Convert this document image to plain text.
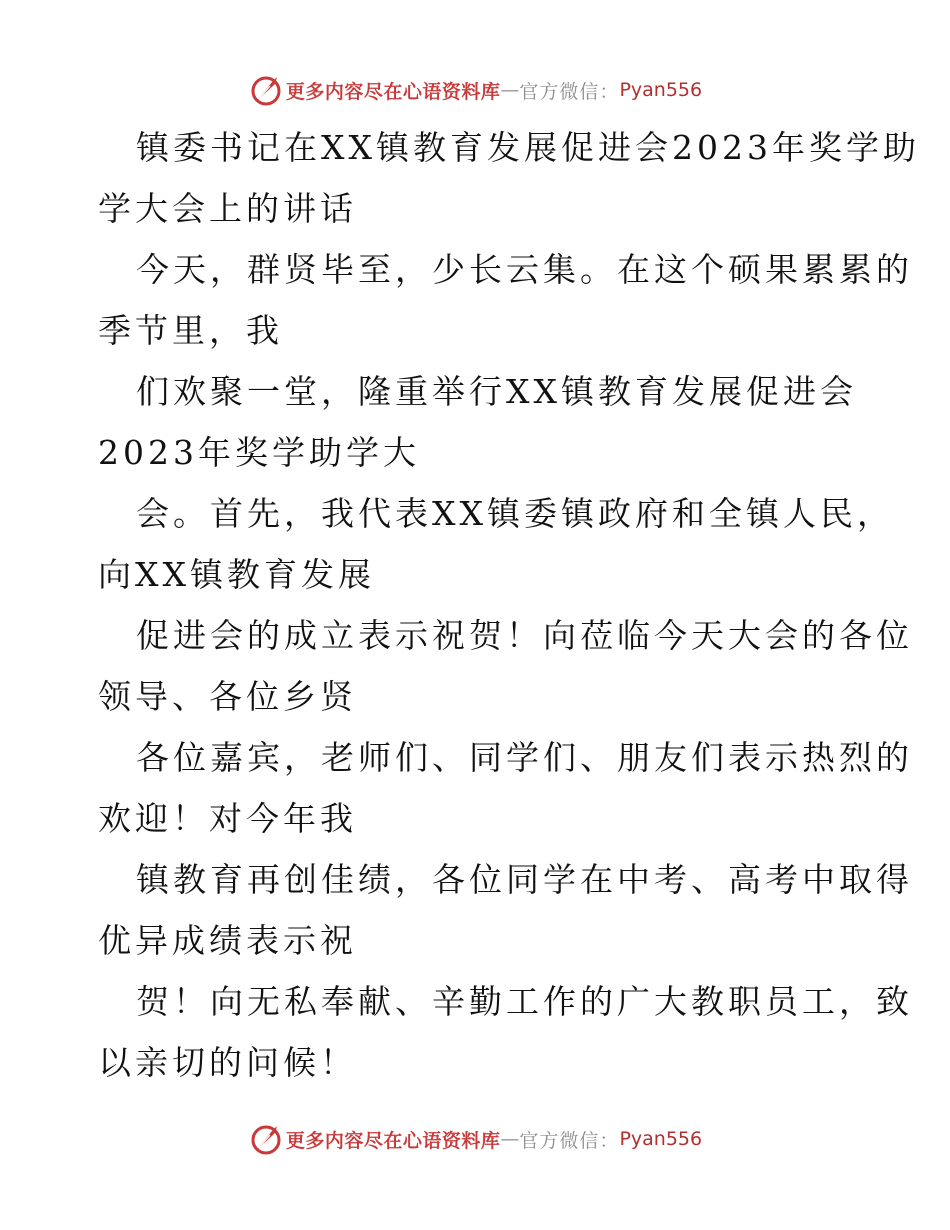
更多内容尽在心语资料库 — 官方微信： Pyan556
镇委书记在XX镇教育发展促进会2023年奖学助
学大会上的讲话
今天，群贤毕至，少长云集。在这个硕果累累的
季节里，我
们欢聚一堂，隆重举行XX镇教育发展促进会
2023年奖学助学大
会。首先，我代表XX镇委镇政府和全镇人民，
向XX镇教育发展
促进会的成立表示祝贺！向莅临今天大会的各位
领导、各位乡贤
各位嘉宾，老师们、同学们、朋友们表示热烈的
欢迎！对今年我
镇教育再创佳绩，各位同学在中考、高考中取得
优异成绩表示祝
贺！向无私奉献、辛勤工作的广大教职员工，致
以亲切的问候！
更多内容尽在心语资料库 — 官方微信： Pyan556
